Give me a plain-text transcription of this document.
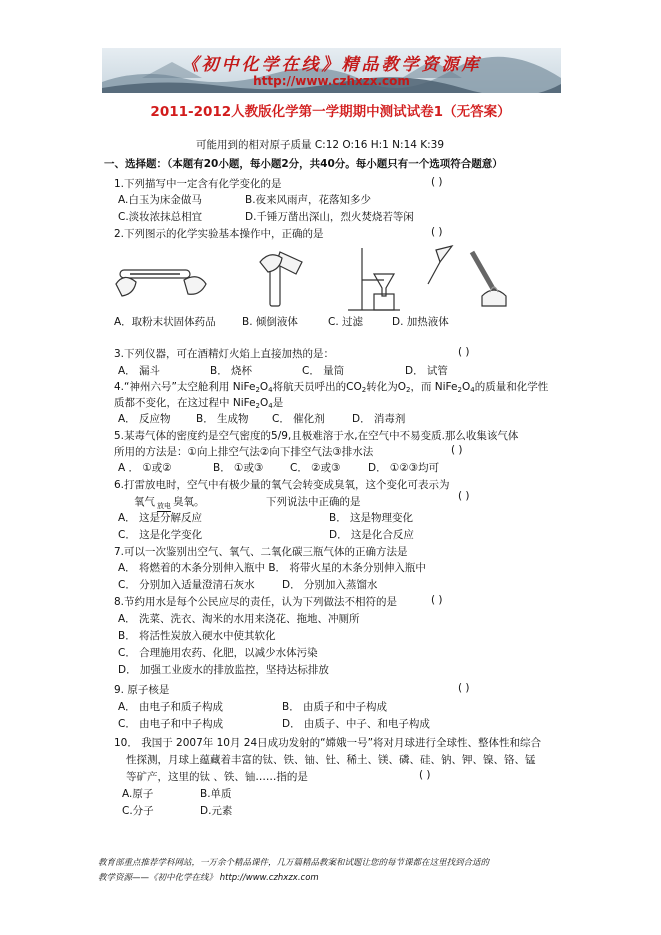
《初中化学在线》精品教学资源库
http://www.czhxzx.com
2011-2012人教版化学第一学期期中测试试卷1（无答案）
可能用到的相对原子质量 C:12 O:16 H:1 N:14 K:39
一、选择题：（本题有20小题，每小题2分，共40分。每小题只有一个选项符合题意）
1.下列描写中一定含有化学变化的是	( )
A.白玉为床金做马	B.夜来风雨声，花落知多少
C.淡妆浓抹总相宜	D.千锤万凿出深山，烈火焚烧若等闲
2.下列图示的化学实验基本操作中，正确的是	( )
A．取粉末状固体药品	B. 倾倒液体	C. 过滤	D. 加热液体
3.下列仪器，可在酒精灯火焰上直接加热的是：	( )
A． 漏斗	B． 烧杯	C． 量筒	D． 试管
4.“神州六号”太空舱利用 $NiFe_2O_4$将航天员呼出的$CO_2$转化为$O_2$，而 $NiFe_2O_4$的质量和化学性
质都不变化，在这过程中 $NiFe_2O_4$是
A． 反应物 B． 生成物 C． 催化剂	D． 消毒剂
5.某毒气体的密度约是空气密度的5/9,且极难溶于水,在空气中不易变质.那么收集该气体
所用的方法是：①向上排空气法②向下排空气法③排水法	( )
A ． ①或②	B． ①或③	C． ②或③	D． ①②③均可
6.打雷放电时，空气中有极少量的氧气会转变成臭氧，这个变化可表示为
( )
氧气 放电 臭氧。	下列说法中正确的是
A． 这是分解反应	B． 这是物理变化
C． 这是化学变化	D． 这是化合反应
7.可以一次鉴别出空气、氧气、二氧化碳三瓶气体的正确方法是
A． 将燃着的木条分别伸入瓶中 B． 将带火星的木条分别伸入瓶中
C． 分别加入适量澄清石灰水	D． 分别加入蒸馏水
8.节约用水是每个公民应尽的责任，认为下列做法不相符的是	( )
A． 洗菜、洗衣、淘米的水用来浇花、拖地、冲厕所
B． 将活性炭放入硬水中使其软化
C． 合理施用农药、化肥，以减少水体污染
D． 加强工业废水的排放监控，坚持达标排放
9. 原子核是	( )
A． 由电子和质子构成	B． 由质子和中子构成
C． 由电子和中子构成	D． 由质子、中子、和电子构成
10． 我国于 2007年 10月 24日成功发射的“嫦娥一号”将对月球进行全球性、整体性和综合
性探测，月球上蕴藏着丰富的钛、铁、铀、钍、稀土、镁、磷、硅、钠、钾、镍、铬、锰
等矿产，这里的钛 、铁、铀……指的是	( )
A.原子	B.单质
C.分子	D.元素
教育部重点推荐学科网站，一万余个精品课件，几万篇精品教案和试题让您的每节课都在这里找到合适的
教学资源——《初中化学在线》 http://www.czhxzx.com
